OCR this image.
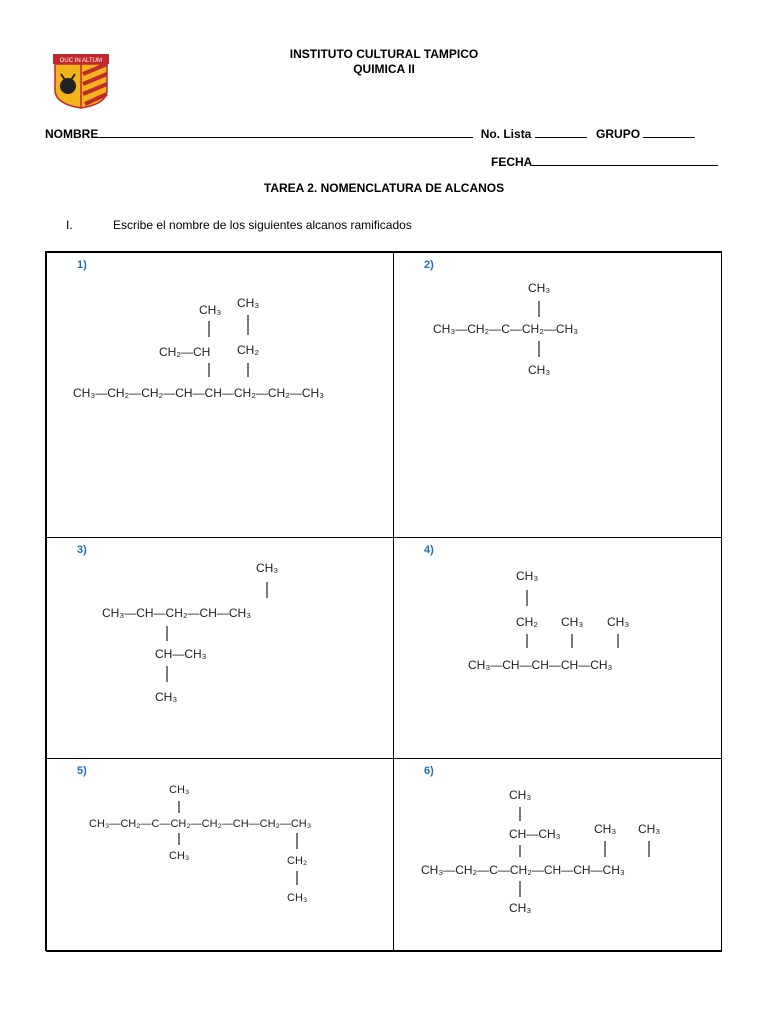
DUC IN ALTUM	INSTITUTO CULTURAL TAMPICO
QUIMICA II
NOMBRE	No. Lista	GRUPO
FECHA
TAREA 2. NOMENCLATURA DE ALCANOS
I.	Escribe el nombre de los siguientes alcanos ramificados
1)
CH₃ CH₃
CH₂—CH CH₂
CH₃—CH₂—CH₂—CH—CH—CH₂—CH₂—CH₃
2)
CH₃
CH₃—CH₂—C—CH₂—CH₃
CH₃
3)
CH₃
CH₃—CH—CH₂—CH—CH₃
CH—CH₃
CH₃
4)
CH₃
CH₂ CH₃ CH₃
CH₃—CH—CH—CH—CH₃
5)
CH₃
CH₃—CH₂—C—CH₂—CH₂—CH—CH₂—CH₃
CH₃	CH₂
CH₃
6)
CH₃
CH—CH₃	CH₃ CH₃
CH₃—CH₂—C—CH₂—CH—CH—CH₃
CH₃
